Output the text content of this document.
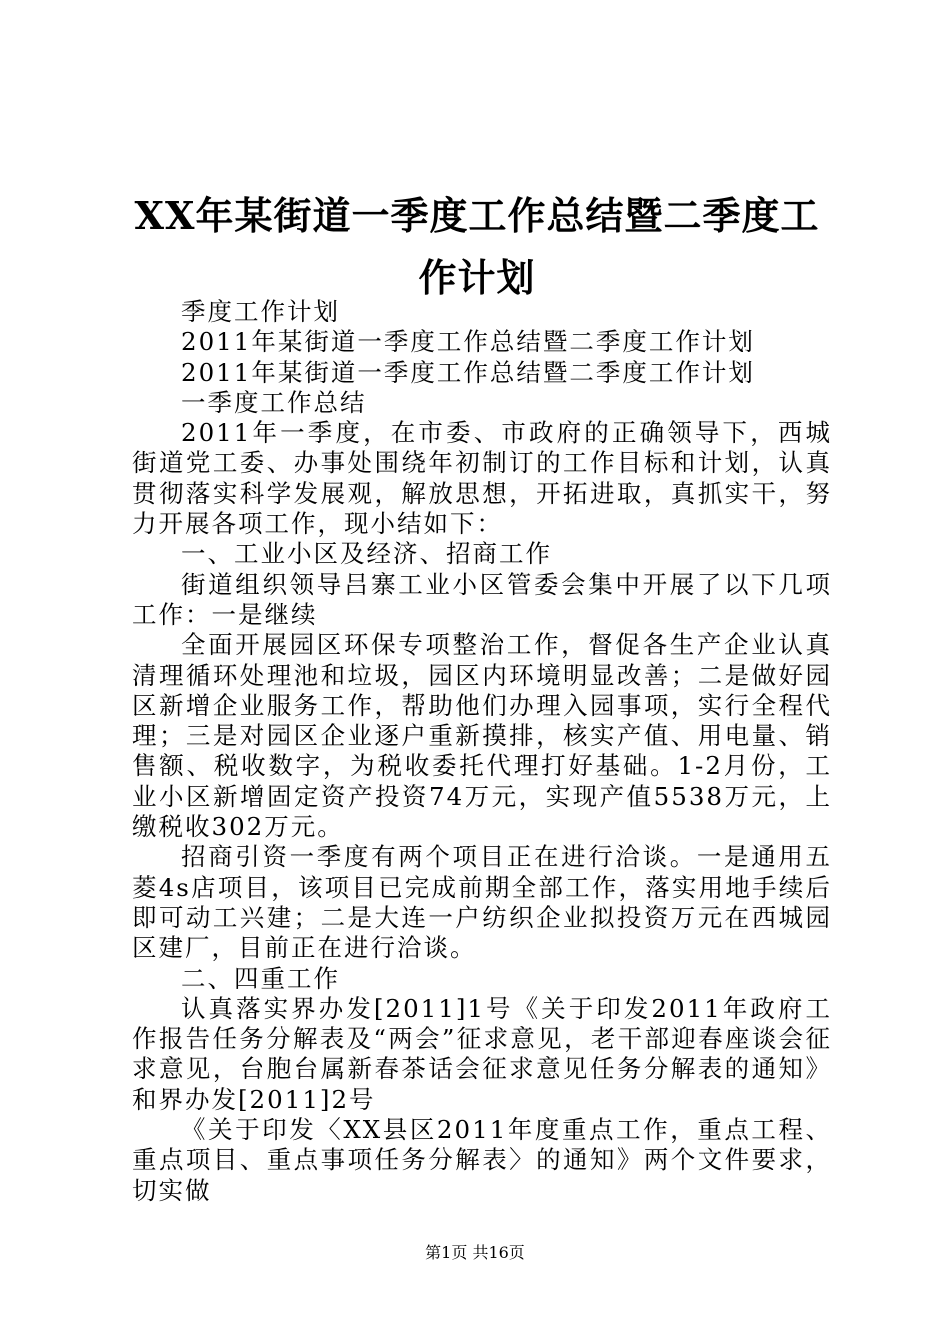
XX年某街道一季度工作总结暨二季度工作计划

季度工作计划

2011年某街道一季度工作总结暨二季度工作计划

2011年某街道一季度工作总结暨二季度工作计划

一季度工作总结

2011年一季度，在市委、市政府的正确领导下，西城街道党工委、办事处围绕年初制订的工作目标和计划，认真贯彻落实科学发展观，解放思想，开拓进取，真抓实干，努力开展各项工作，现小结如下：

一、工业小区及经济、招商工作

街道组织领导吕寨工业小区管委会集中开展了以下几项工作：一是继续

全面开展园区环保专项整治工作，督促各生产企业认真清理循环处理池和垃圾，园区内环境明显改善；二是做好园区新增企业服务工作，帮助他们办理入园事项，实行全程代理；三是对园区企业逐户重新摸排，核实产值、用电量、销售额、税收数字，为税收委托代理打好基础。1-2月份，工业小区新增固定资产投资74万元，实现产值5538万元，上缴税收302万元。

招商引资一季度有两个项目正在进行洽谈。一是通用五菱4s店项目，该项目已完成前期全部工作，落实用地手续后即可动工兴建；二是大连一户纺织企业拟投资万元在西城园区建厂，目前正在进行洽谈。

二、四重工作

认真落实界办发[2011]1号《关于印发2011年政府工作报告任务分解表及“两会”征求意见，老干部迎春座谈会征求意见，台胞台属新春茶话会征求意见任务分解表的通知》和界办发[2011]2号

《关于印发〈XX县区2011年度重点工作，重点工程、重点项目、重点事项任务分解表〉的通知》两个文件要求，切实做

第1页 共16页
